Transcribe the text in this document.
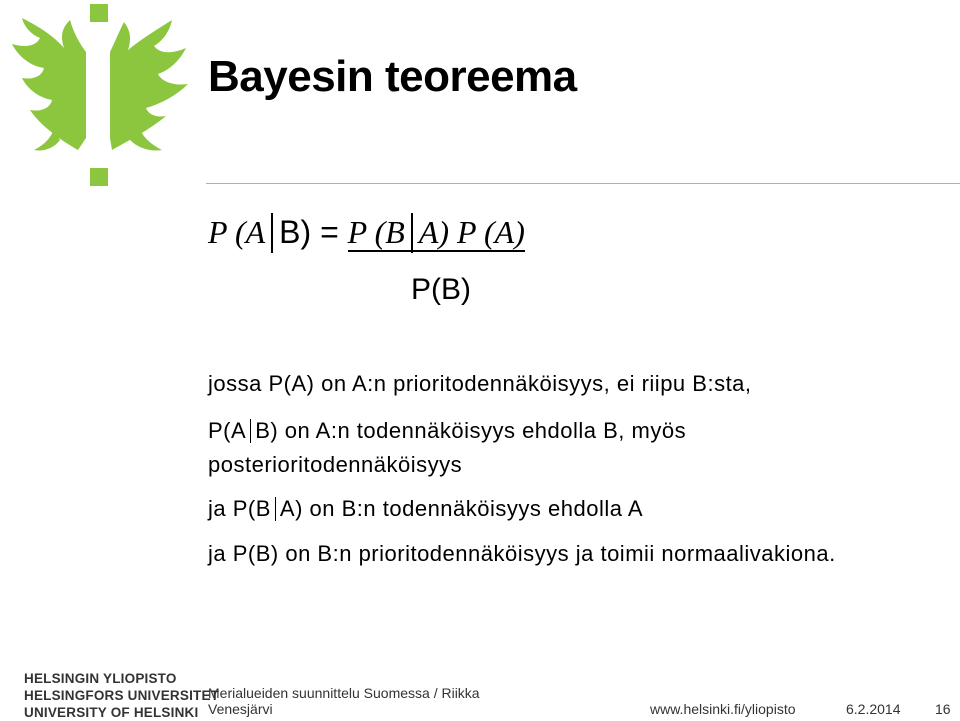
Bayesin teoreema
P (A B) = P (B A) P (A)
P(B)
jossa P(A) on A:n prioritodennäköisyys, ei riipu B:sta,
P(A B) on A:n todennäköisyys ehdolla B, myös
posterioritodennäköisyys
ja P(B A) on B:n todennäköisyys ehdolla A
ja P(B) on B:n prioritodennäköisyys ja toimii normaalivakiona.
HELSINGIN YLIOPISTO
HELSINGFORS UNIVERSITET
UNIVERSITY OF HELSINKI
Merialueiden suunnittelu Suomessa / Riikka
Venesjärvi	www.helsinki.fi/yliopisto	6.2.2014 16
